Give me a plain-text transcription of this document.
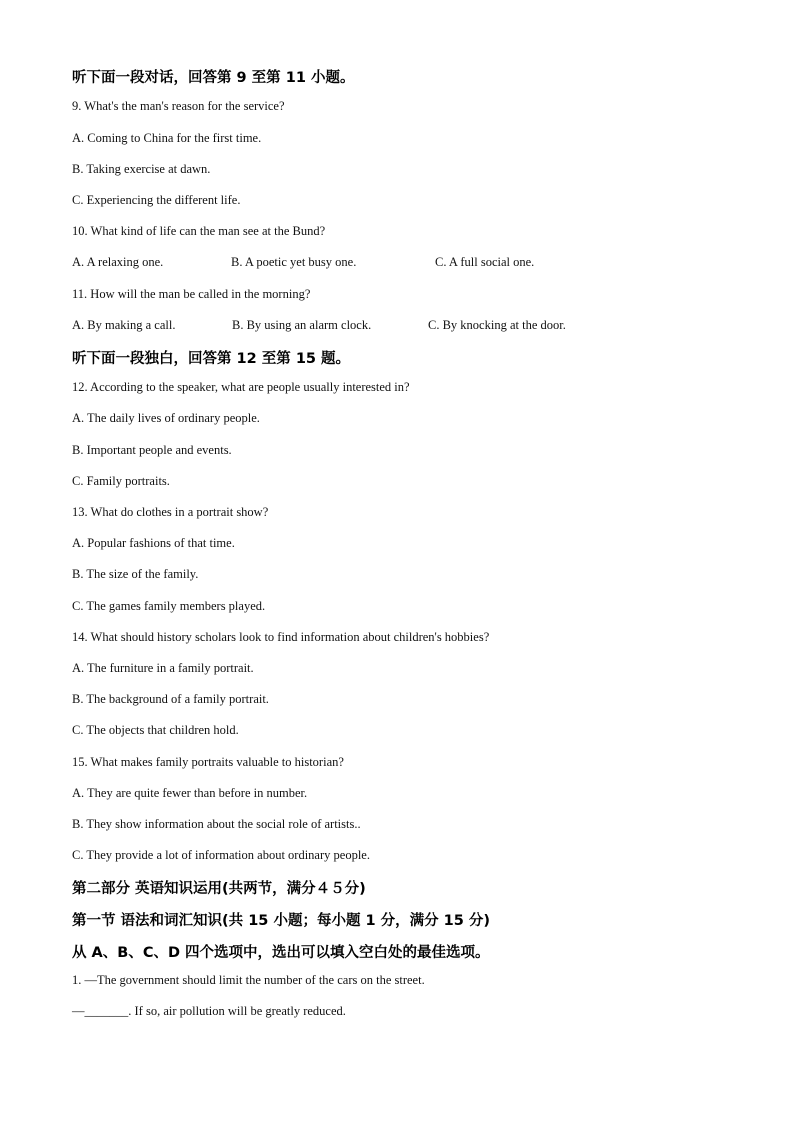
听下面一段对话，回答第 9 至第 11 小题。
9. What's the man's reason for the service?
A. Coming to China for the first time.
B. Taking exercise at dawn.
C. Experiencing the different life.
10. What kind of life can the man see at the Bund?
A. A relaxing one.	B. A poetic yet busy one.	C. A full social one.
11. How will the man be called in the morning?
A. By making a call.	B. By using an alarm clock.	C. By knocking at the door.
听下面一段独白，回答第 12 至第 15 题。
12. According to the speaker, what are people usually interested in?
A. The daily lives of ordinary people.
B. Important people and events.
C. Family portraits.
13. What do clothes in a portrait show?
A. Popular fashions of that time.
B. The size of the family.
C. The games family members played.
14. What should history scholars look to find information about children's hobbies?
A. The furniture in a family portrait.
B. The background of a family portrait.
C. The objects that children hold.
15. What makes family portraits valuable to historian?
A. They are quite fewer than before in number.
B. They show information about the social role of artists..
C. They provide a lot of information about ordinary people.
第二部分 英语知识运用(共两节，满分４５分)
第一节 语法和词汇知识(共 15 小题；每小题 1 分，满分 15 分)
从 A、B、C、D 四个选项中，选出可以填入空白处的最佳选项。
1. —The government should limit the number of the cars on the street.
—_______. If so, air pollution will be greatly reduced.
